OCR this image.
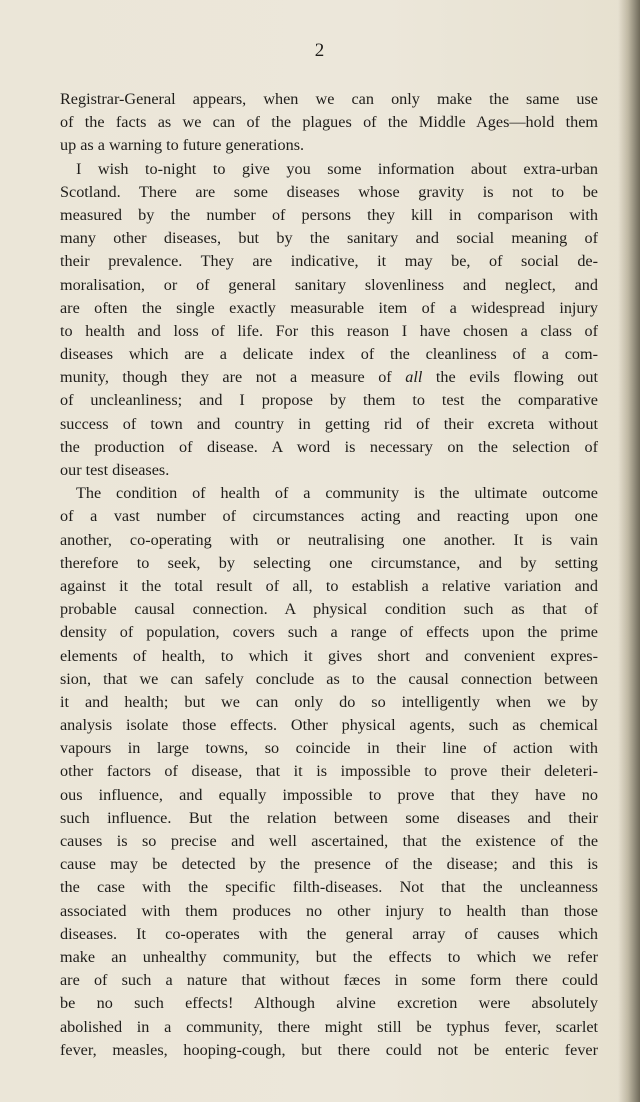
2
Registrar-General appears, when we can only make the same use
of the facts as we can of the plagues of the Middle Ages—hold them
up as a warning to future generations.
I wish to-night to give you some information about extra-urban
Scotland. There are some diseases whose gravity is not to be
measured by the number of persons they kill in comparison with
many other diseases, but by the sanitary and social meaning of
their prevalence. They are indicative, it may be, of social de-
moralisation, or of general sanitary slovenliness and neglect, and
are often the single exactly measurable item of a widespread injury
to health and loss of life. For this reason I have chosen a class of
diseases which are a delicate index of the cleanliness of a com-
munity, though they are not a measure of all the evils flowing out
of uncleanliness; and I propose by them to test the comparative
success of town and country in getting rid of their excreta without
the production of disease. A word is necessary on the selection of
our test diseases.
The condition of health of a community is the ultimate outcome
of a vast number of circumstances acting and reacting upon one
another, co-operating with or neutralising one another. It is vain
therefore to seek, by selecting one circumstance, and by setting
against it the total result of all, to establish a relative variation and
probable causal connection. A physical condition such as that of
density of population, covers such a range of effects upon the prime
elements of health, to which it gives short and convenient expres-
sion, that we can safely conclude as to the causal connection between
it and health; but we can only do so intelligently when we by
analysis isolate those effects. Other physical agents, such as chemical
vapours in large towns, so coincide in their line of action with
other factors of disease, that it is impossible to prove their deleteri-
ous influence, and equally impossible to prove that they have no
such influence. But the relation between some diseases and their
causes is so precise and well ascertained, that the existence of the
cause may be detected by the presence of the disease; and this is
the case with the specific filth-diseases. Not that the uncleanness
associated with them produces no other injury to health than those
diseases. It co-operates with the general array of causes which
make an unhealthy community, but the effects to which we refer
are of such a nature that without fæces in some form there could
be no such effects! Although alvine excretion were absolutely
abolished in a community, there might still be typhus fever, scarlet
fever, measles, hooping-cough, but there could not be enteric fever
